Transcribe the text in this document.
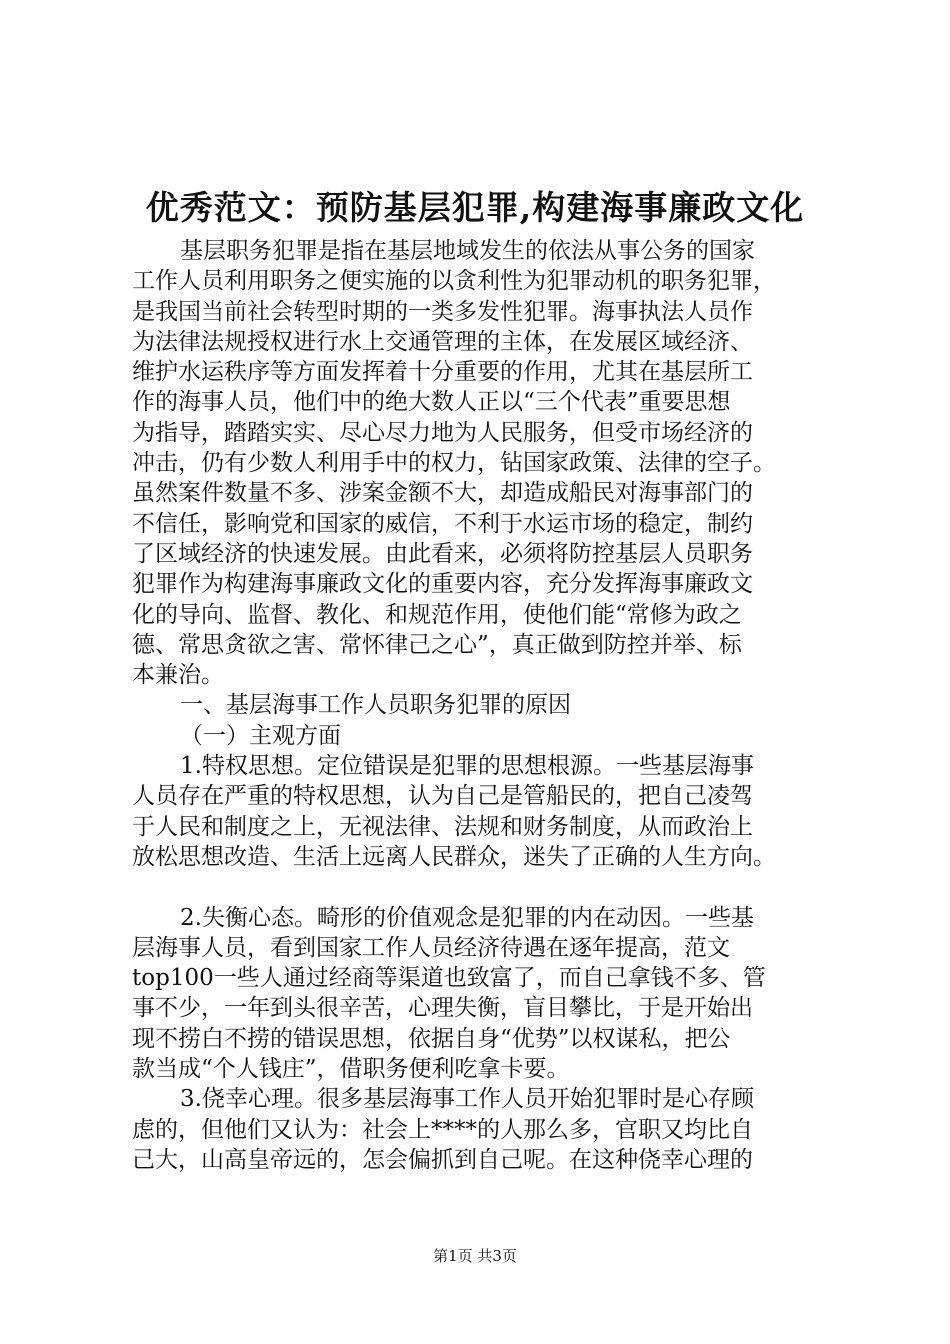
优秀范文：预防基层犯罪,构建海事廉政文化
基层职务犯罪是指在基层地域发生的依法从事公务的国家
工作人员利用职务之便实施的以贪利性为犯罪动机的职务犯罪，
是我国当前社会转型时期的一类多发性犯罪。海事执法人员作
为法律法规授权进行水上交通管理的主体，在发展区域经济、
维护水运秩序等方面发挥着十分重要的作用，尤其在基层所工
作的海事人员，他们中的绝大数人正以“三个代表”重要思想
为指导，踏踏实实、尽心尽力地为人民服务，但受市场经济的
冲击，仍有少数人利用手中的权力，钻国家政策、法律的空子。
虽然案件数量不多、涉案金额不大，却造成船民对海事部门的
不信任，影响党和国家的威信，不利于水运市场的稳定，制约
了区域经济的快速发展。由此看来，必须将防控基层人员职务
犯罪作为构建海事廉政文化的重要内容，充分发挥海事廉政文
化的导向、监督、教化、和规范作用，使他们能“常修为政之
德、常思贪欲之害、常怀律己之心”，真正做到防控并举、标
本兼治。
一、基层海事工作人员职务犯罪的原因
（一）主观方面
1.特权思想。定位错误是犯罪的思想根源。一些基层海事
人员存在严重的特权思想，认为自己是管船民的，把自己凌驾
于人民和制度之上，无视法律、法规和财务制度，从而政治上
放松思想改造、生活上远离人民群众，迷失了正确的人生方向。
2.失衡心态。畸形的价值观念是犯罪的内在动因。一些基
层海事人员，看到国家工作人员经济待遇在逐年提高，范文
top100一些人通过经商等渠道也致富了，而自己拿钱不多、管
事不少，一年到头很辛苦，心理失衡，盲目攀比，于是开始出
现不捞白不捞的错误思想，依据自身“优势”以权谋私，把公
款当成“个人钱庄”，借职务便利吃拿卡要。
3.侥幸心理。很多基层海事工作人员开始犯罪时是心存顾
虑的，但他们又认为：社会上****的人那么多，官职又均比自
己大，山高皇帝远的，怎会偏抓到自己呢。在这种侥幸心理的
第1页 共3页
